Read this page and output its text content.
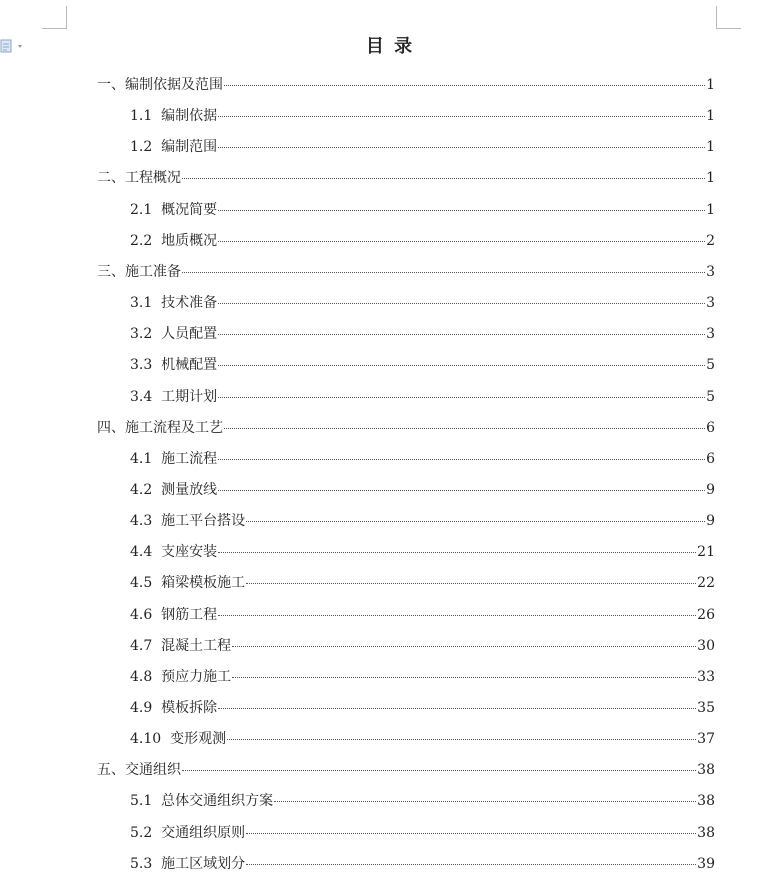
目 录
一、编制依据及范围	1
1.1  编制依据	1
1.2  编制范围	1
二、工程概况	1
2.1  概况简要	1
2.2  地质概况	2
三、施工准备	3
3.1  技术准备	3
3.2  人员配置	3
3.3  机械配置	5
3.4  工期计划	5
四、施工流程及工艺	6
4.1  施工流程	6
4.2  测量放线	9
4.3  施工平台搭设	9
4.4  支座安装	21
4.5  箱梁模板施工	22
4.6  钢筋工程	26
4.7  混凝土工程	30
4.8  预应力施工	33
4.9  模板拆除	35
4.10  变形观测	37
五、交通组织	38
5.1  总体交通组织方案	38
5.2  交通组织原则	38
5.3  施工区域划分	39
